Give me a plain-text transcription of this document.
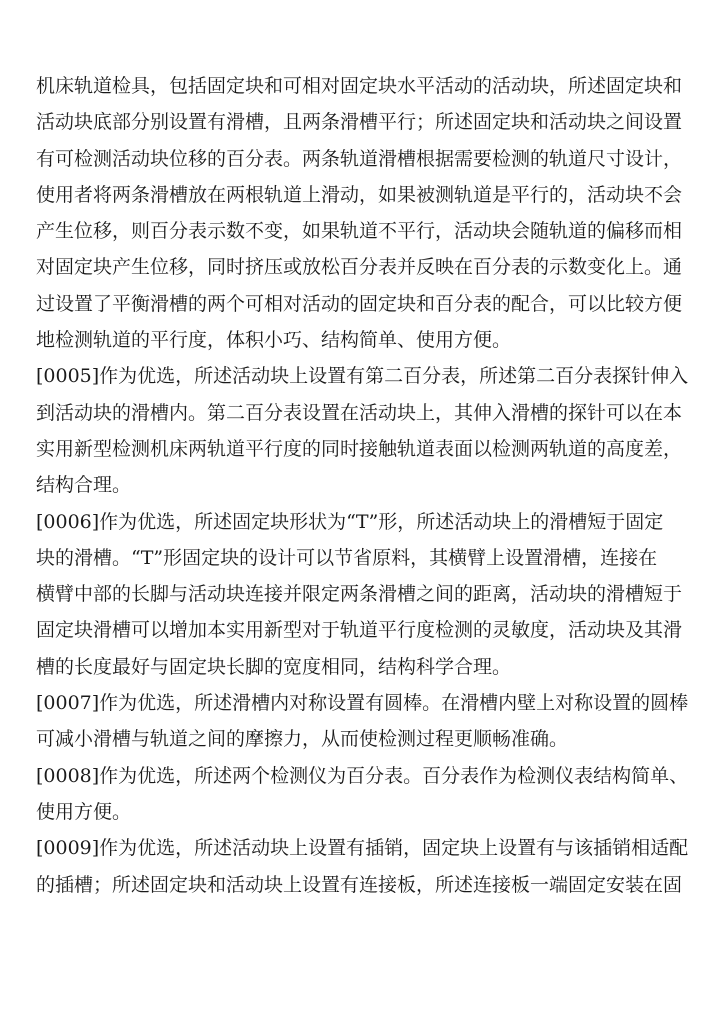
机床轨道检具，包括固定块和可相对固定块水平活动的活动块，所述固定块和
活动块底部分别设置有滑槽，且两条滑槽平行；所述固定块和活动块之间设置
有可检测活动块位移的百分表。两条轨道滑槽根据需要检测的轨道尺寸设计，
使用者将两条滑槽放在两根轨道上滑动，如果被测轨道是平行的，活动块不会
产生位移，则百分表示数不变，如果轨道不平行，活动块会随轨道的偏移而相
对固定块产生位移，同时挤压或放松百分表并反映在百分表的示数变化上。通
过设置了平衡滑槽的两个可相对活动的固定块和百分表的配合，可以比较方便
地检测轨道的平行度，体积小巧、结构简单、使用方便。
[0005]作为优选，所述活动块上设置有第二百分表，所述第二百分表探针伸入
到活动块的滑槽内。第二百分表设置在活动块上，其伸入滑槽的探针可以在本
实用新型检测机床两轨道平行度的同时接触轨道表面以检测两轨道的高度差，
结构合理。
[0006]作为优选，所述固定块形状为“T”形，所述活动块上的滑槽短于固定
块的滑槽。“T”形固定块的设计可以节省原料，其横臂上设置滑槽，连接在
横臂中部的长脚与活动块连接并限定两条滑槽之间的距离，活动块的滑槽短于
固定块滑槽可以增加本实用新型对于轨道平行度检测的灵敏度，活动块及其滑
槽的长度最好与固定块长脚的宽度相同，结构科学合理。
[0007]作为优选，所述滑槽内对称设置有圆棒。在滑槽内壁上对称设置的圆棒
可减小滑槽与轨道之间的摩擦力，从而使检测过程更顺畅准确。
[0008]作为优选，所述两个检测仪为百分表。百分表作为检测仪表结构简单、
使用方便。
[0009]作为优选，所述活动块上设置有插销，固定块上设置有与该插销相适配
的插槽；所述固定块和活动块上设置有连接板，所述连接板一端固定安装在固
